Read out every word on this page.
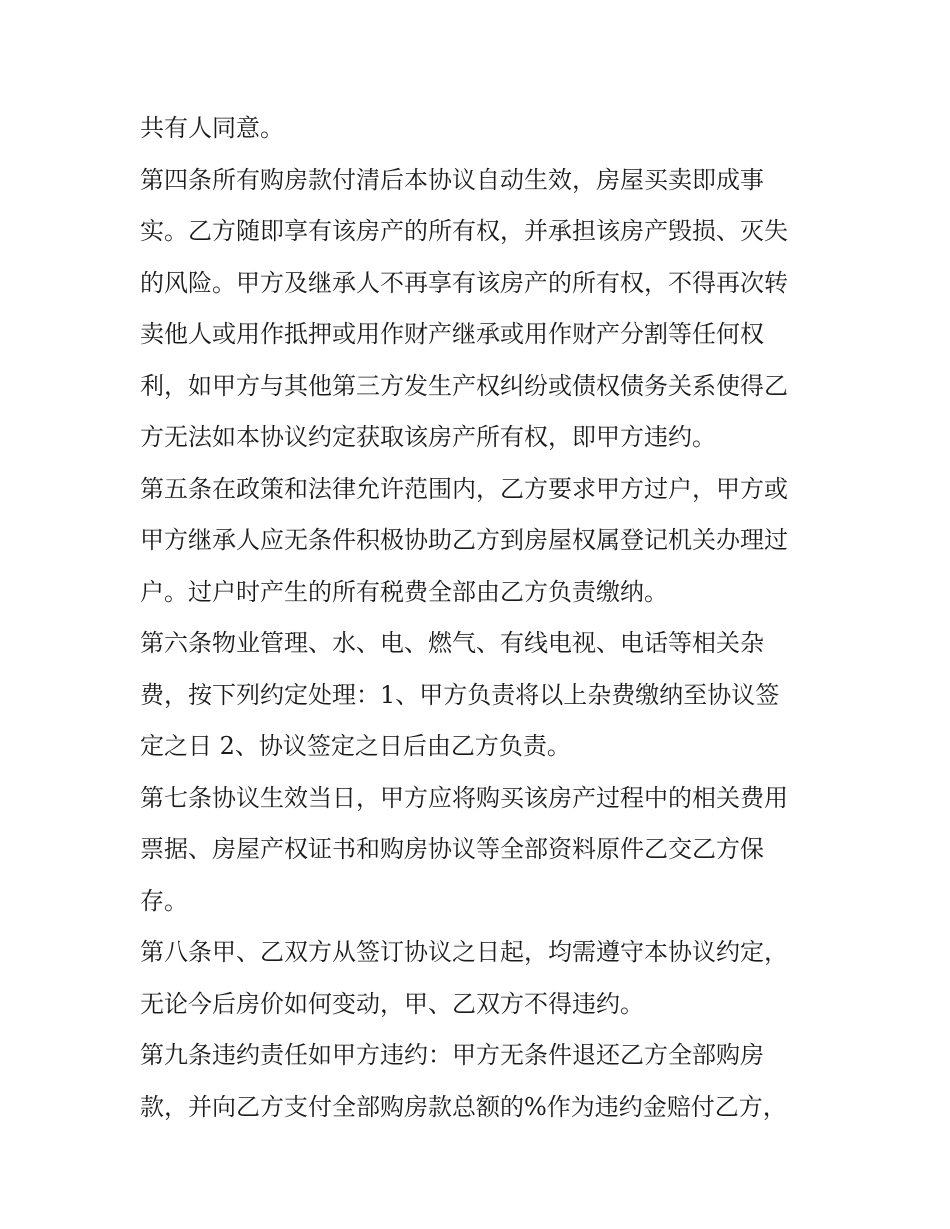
共有人同意。
第四条所有购房款付清后本协议自动生效，房屋买卖即成事
实。乙方随即享有该房产的所有权，并承担该房产毁损、灭失
的风险。甲方及继承人不再享有该房产的所有权，不得再次转
卖他人或用作抵押或用作财产继承或用作财产分割等任何权
利，如甲方与其他第三方发生产权纠纷或债权债务关系使得乙
方无法如本协议约定获取该房产所有权，即甲方违约。
第五条在政策和法律允许范围内，乙方要求甲方过户，甲方或
甲方继承人应无条件积极协助乙方到房屋权属登记机关办理过
户。过户时产生的所有税费全部由乙方负责缴纳。
第六条物业管理、水、电、燃气、有线电视、电话等相关杂
费，按下列约定处理：1、甲方负责将以上杂费缴纳至协议签
定之日 2、协议签定之日后由乙方负责。
第七条协议生效当日，甲方应将购买该房产过程中的相关费用
票据、房屋产权证书和购房协议等全部资料原件乙交乙方保
存。
第八条甲、乙双方从签订协议之日起，均需遵守本协议约定，
无论今后房价如何变动，甲、乙双方不得违约。
第九条违约责任如甲方违约：甲方无条件退还乙方全部购房
款，并向乙方支付全部购房款总额的%作为违约金赔付乙方，
